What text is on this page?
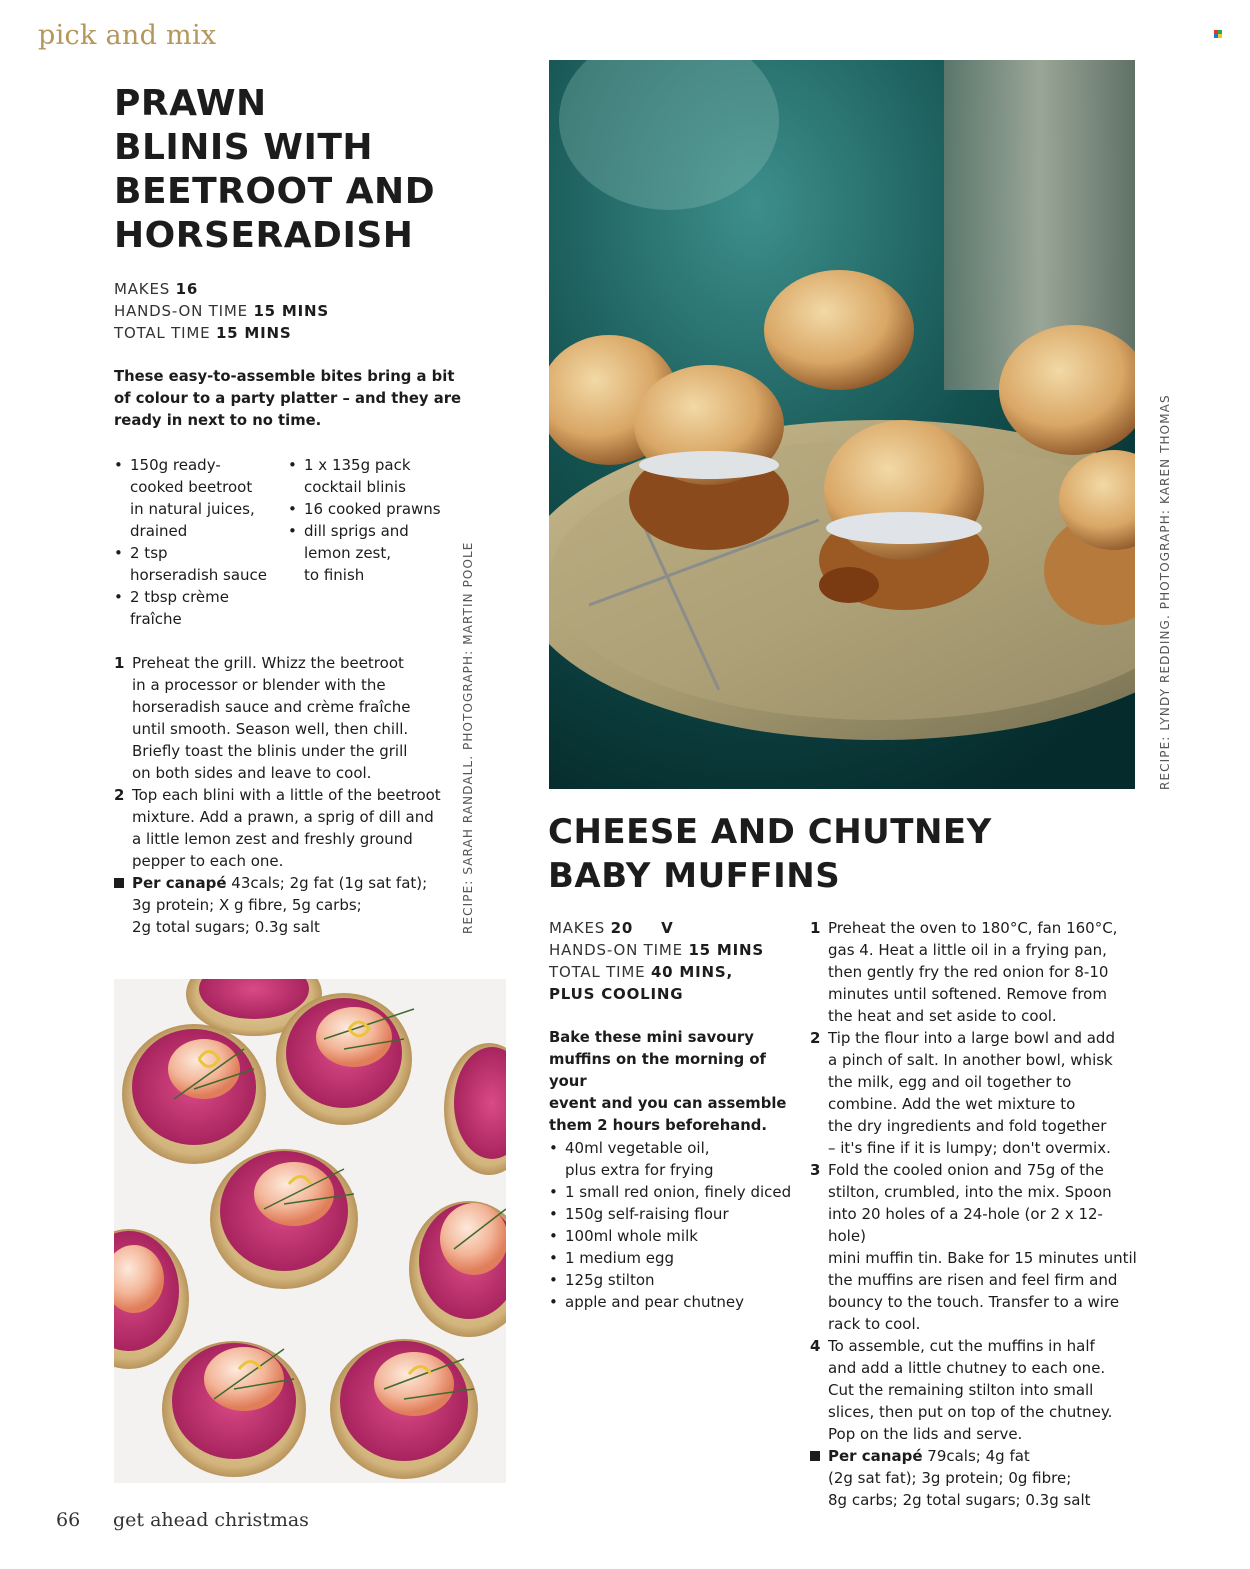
pick and mix
PRAWN
BLINIS WITH
BEETROOT AND
HORSERADISH
MAKES 16
HANDS-ON TIME 15 MINS
TOTAL TIME 15 MINS
These easy-to-assemble bites bring a bit
of colour to a party platter – and they are
ready in next to no time.
• 150g ready-
cooked beetroot
in natural juices,
drained
• 2 tsp
horseradish sauce
• 2 tbsp crème
fraîche
• 1 x 135g pack
cocktail blinis
• 16 cooked prawns
• dill sprigs and
lemon zest,
to finish
1 Preheat the grill. Whizz the beetroot
in a processor or blender with the
horseradish sauce and crème fraîche
until smooth. Season well, then chill.
Briefly toast the blinis under the grill
on both sides and leave to cool.
2 Top each blini with a little of the beetroot
mixture. Add a prawn, a sprig of dill and
a little lemon zest and freshly ground
pepper to each one.
Per canapé 43cals; 2g fat (1g sat fat);
3g protein; X g fibre, 5g carbs;
2g total sugars; 0.3g salt	RECIPE: SARAH RANDALL. PHOTOGRAPH: MARTIN POOLE	RECIPE: LYNDY REDDING. PHOTOGRAPH: KAREN THOMAS
CHEESE AND CHUTNEY
BABY MUFFINS
MAKES 20 V
HANDS-ON TIME 15 MINS
TOTAL TIME 40 MINS,
PLUS COOLING
Bake these mini savoury
muffins on the morning of your
event and you can assemble
them 2 hours beforehand.
• 40ml vegetable oil,
plus extra for frying
• 1 small red onion, finely diced
• 150g self-raising flour
• 100ml whole milk
• 1 medium egg
• 125g stilton
• apple and pear chutney
1 Preheat the oven to 180°C, fan 160°C,
gas 4. Heat a little oil in a frying pan,
then gently fry the red onion for 8-10
minutes until softened. Remove from
the heat and set aside to cool.
2 Tip the flour into a large bowl and add
a pinch of salt. In another bowl, whisk
the milk, egg and oil together to
combine. Add the wet mixture to
the dry ingredients and fold together
– it's fine if it is lumpy; don't overmix.
3 Fold the cooled onion and 75g of the
stilton, crumbled, into the mix. Spoon
into 20 holes of a 24-hole (or 2 x 12-hole)
mini muffin tin. Bake for 15 minutes until
the muffins are risen and feel firm and
bouncy to the touch. Transfer to a wire
rack to cool.
4 To assemble, cut the muffins in half
and add a little chutney to each one.
Cut the remaining stilton into small
slices, then put on top of the chutney.
Pop on the lids and serve.
Per canapé 79cals; 4g fat
(2g sat fat); 3g protein; 0g fibre;
8g carbs; 2g total sugars; 0.3g salt
66 get ahead christmas
